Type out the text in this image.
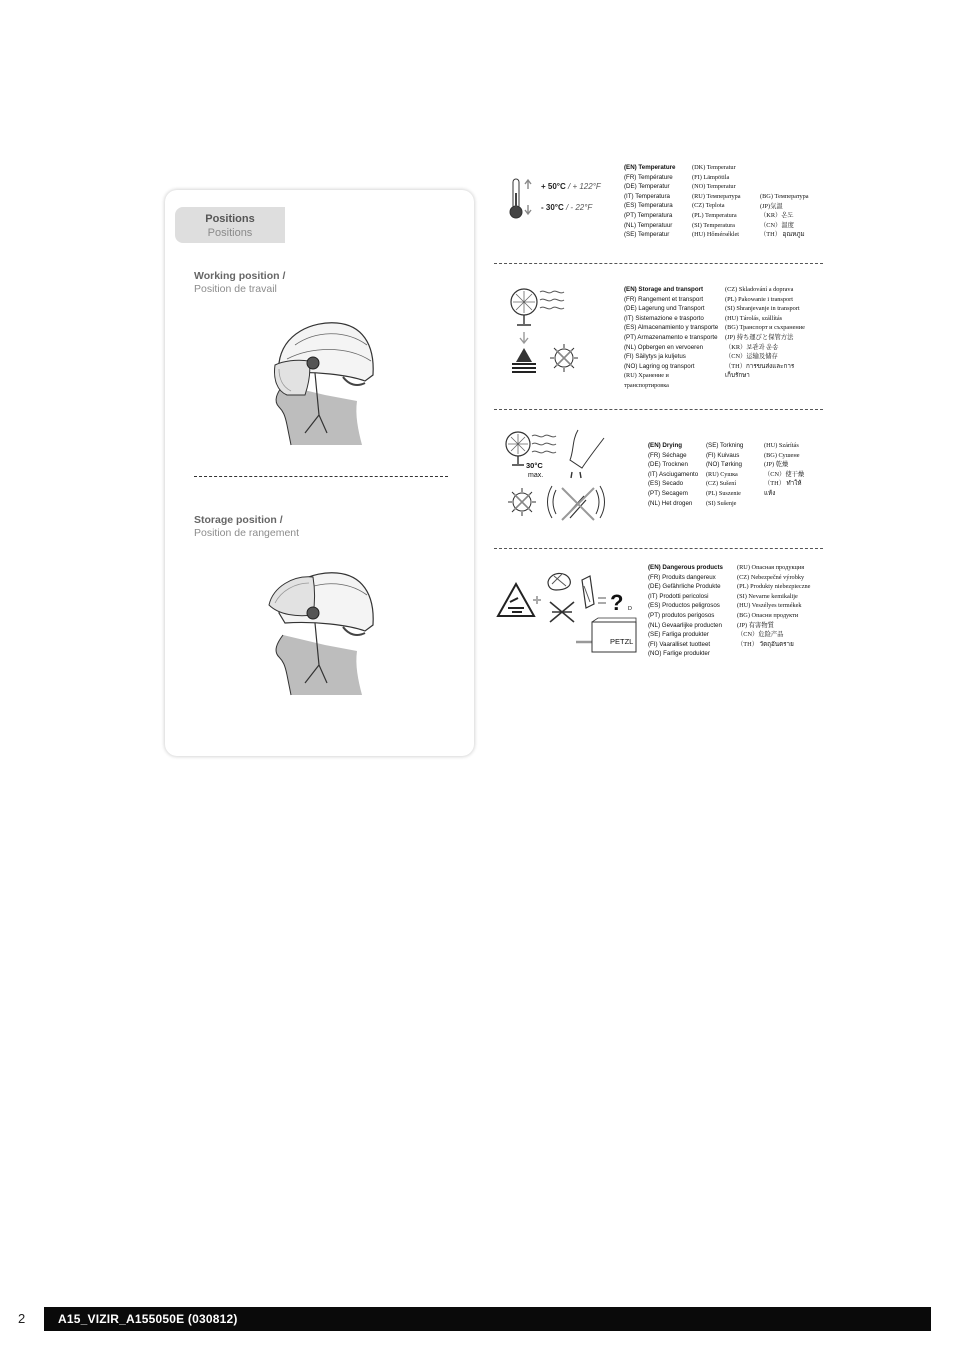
Positions
Positions
Working position /
Position de travail
Storage position /
Position de rangement
+ 50°C / + 122°F
- 30°C / - 22°F
(EN) Temperature
(FR) Température
(DE) Temperatur
(IT) Temperatura
(ES) Temperatura
(PT) Temperatura
(NL) Temperatuur
(SE) Temperatur
(DK) Temperatur
(FI) Lämpötila
(NO) Temperatur
(RU) Температура
(CZ) Teplota
(PL) Temperatura
(SI) Temperatura
(HU) Hőmérséklet
(BG) Температура
(JP)気温
（KR）온도
（CN）温度
（TH） อุณหภูม
(EN) Storage and transport
(FR) Rangement et transport
(DE) Lagerung und Transport
(IT) Sistemazione e trasporto
(ES) Almacenamiento y transporte
(PT) Armazenamento e transporte
(NL) Opbergen en vervoeren
(FI) Säilytys ja kuljetus
(NO) Lagring og transport
(RU) Хранение и
транспортировка
(CZ) Skladování a doprava
(PL) Pakowanie i transport
(SI) Shranjevanje in transport
(HU) Tárolás, szállítás
(BG) Транспорт и съхранение
(JP) 持ち運びと保管方法
（KR）보관과 운송
（CN）运输及储存
（TH）การขนส่งและการ
เก็บรักษา
30°C
max.
(EN) Drying
(FR) Séchage
(DE) Trocknen
(IT) Asciugamento
(ES) Secado
(PT) Secagem
(NL) Het drogen
(SE) Torkning
(FI) Kuivaus
(NO) Tørking
(RU) Сушка
(CZ) Sušení
(PL) Suszenie
(SI) Sušenje
(HU) Szárítás
(BG) Сушене
(JP) 乾燥
（CN）使干燥
（TH） ทำให้
แห้ง
? D
PETZL
(EN) Dangerous products
(FR) Produits dangereux
(DE) Gefährliche Produkte
(IT) Prodotti pericolosi
(ES) Productos peligrosos
(PT) produtos perigosos
(NL) Gevaarlijke producten
(SE) Farliga produkter
(FI) Vaaralliset tuotteet
(NO) Farlige produkter
(RU) Опасная продукция
(CZ) Nebezpečné výrobky
(PL) Produkty niebezpieczne
(SI) Nevarne kemikalije
(HU) Veszélyes termékek
(BG) Опасни продукти
(JP) 有害物質
（CN）危险产品
（TH） วัตถุอันตราย
2	A15_VIZIR_A155050E (030812)
